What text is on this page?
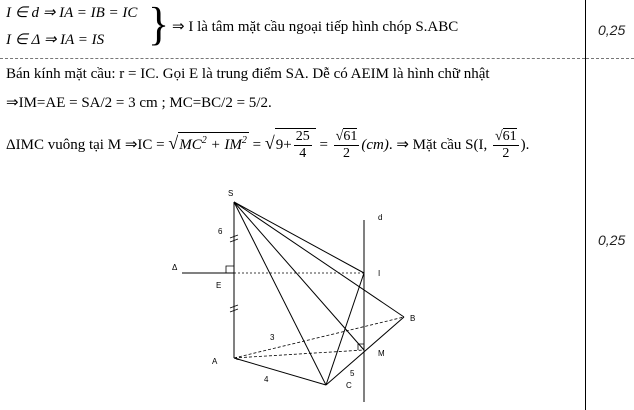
I ∈ d ⇒ IA = IB = IC
I ∈ Δ ⇒ IA = IS } ⇒ I là tâm mặt cầu ngoại tiếp hình chóp S.ABC	0,25
Bán kính mặt cầu: r = IC. Gọi E là trung điểm SA. Dễ có AEIM là hình chữ nhật
⇒IM=AE = SA/2 = 3 cm ; MC=BC/2 = 5/2.
ΔIMC vuông tại M ⇒IC = $√MC^2 + IM^2 = √9+ \frac{25}{4} = \frac{√61}{2} (cm)$. ⇒ Mặt cầu S(I, $\frac{√61}{2}$ ).
0,25
S
d
Δ
I
E
B
A
M
C
6
3
5
4
≈
